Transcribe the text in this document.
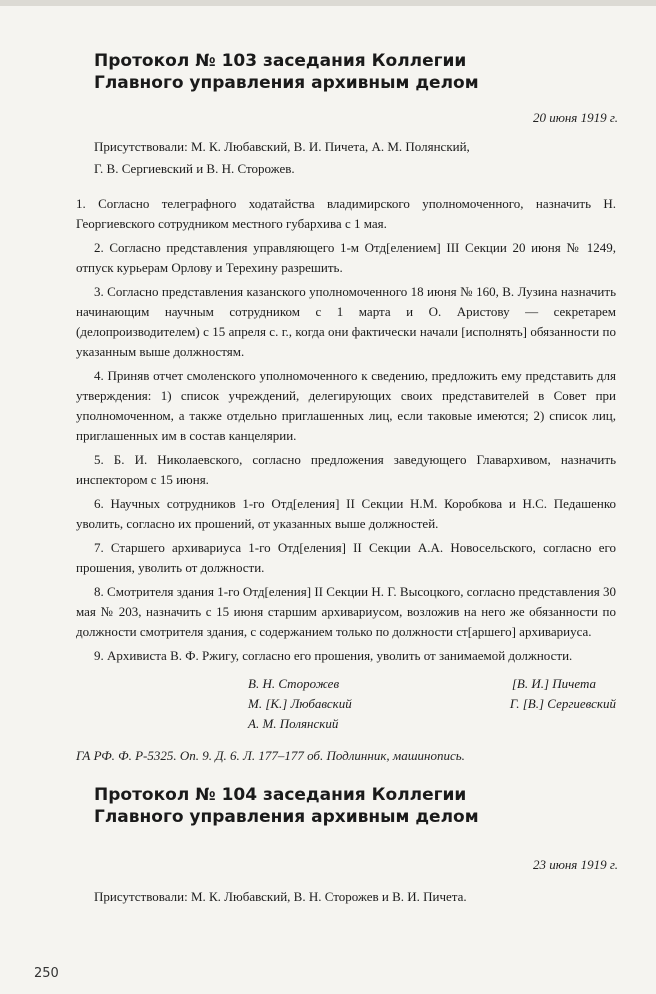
Протокол № 103 заседания Коллегии
Главного управления архивным делом
20 июня 1919 г.
Присутствовали: М. К. Любавский, В. И. Пичета, А. М. Полянский,
Г. В. Сергиевский и В. Н. Сторожев.

1. Согласно телеграфного ходатайства владимирского уполномоченного, назначить Н. Георгиевского сотрудником местного губархива с 1 мая.

2. Согласно представления управляющего 1-м Отд[елением] III Секции 20 июня № 1249, отпуск курьерам Орлову и Терехину разрешить.

3. Согласно представления казанского уполномоченного 18 июня № 160, В. Лузина назначить начинающим научным сотрудником с 1 марта и О. Аристову — секретарем (делопроизводителем) с 15 апреля с. г., когда они фактически начали [исполнять] обязанности по указанным выше должностям.

4. Приняв отчет смоленского уполномоченного к сведению, предложить ему представить для утверждения: 1) список учреждений, делегирующих своих представителей в Совет при уполномоченном, а также отдельно приглашенных лиц, если таковые имеются; 2) список лиц, приглашенных им в состав канцелярии.

5. Б. И. Николаевского, согласно предложения заведующего Главархивом, назначить инспектором с 15 июня.

6. Научных сотрудников 1-го Отд[еления] II Секции Н.М. Коробкова и Н.С. Педашенко уволить, согласно их прошений, от указанных выше должностей.

7. Старшего архивариуса 1-го Отд[еления] II Секции А.А. Новосельского, согласно его прошения, уволить от должности.

8. Смотрителя здания 1-го Отд[еления] II Секции Н. Г. Высоцкого, согласно представления 30 мая № 203, назначить с 15 июня старшим архивариусом, возложив на него же обязанности по должности смотрителя здания, с содержанием только по должности ст[аршего] архивариуса.

9. Архивиста В. Ф. Ржигу, согласно его прошения, уволить от занимаемой должности.

В. Н. Сторожев
М. [К.] Любавский
А. М. Полянский
[В. И.] Пичета
Г. [В.] Сергиевский
ГА РФ. Ф. Р-5325. Оп. 9. Д. 6. Л. 177–177 об. Подлинник, машинопись.
Протокол № 104 заседания Коллегии
Главного управления архивным делом
23 июня 1919 г.
Присутствовали: М. К. Любавский, В. Н. Сторожев и В. И. Пичета.
250
